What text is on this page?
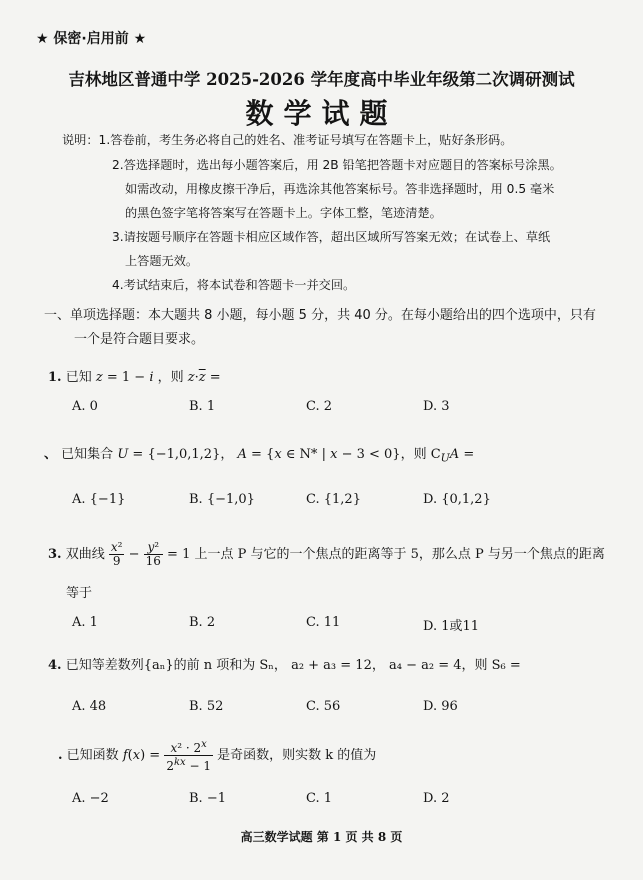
★ 保密·启用前 ★
吉林地区普通中学 2025-2026 学年度高中毕业年级第二次调研测试
数学试题
说明：1.答卷前，考生务必将自己的姓名、准考证号填写在答题卡上，贴好条形码。
2.答选择题时，选出每小题答案后，用 2B 铅笔把答题卡对应题目的答案标号涂黑。
如需改动，用橡皮擦干净后，再选涂其他答案标号。答非选择题时，用 0.5 毫米
的黑色签字笔将答案写在答题卡上。字体工整，笔迹清楚。
3.请按题号顺序在答题卡相应区域作答，超出区域所写答案无效；在试卷上、草纸
上答题无效。
4.考试结束后，将本试卷和答题卡一并交回。
一、单项选择题：本大题共 8 小题，每小题 5 分，共 40 分。在每小题给出的四个选项中，只有
一个是符合题目要求。
1. 已知 z = 1 − i ，则 $z\cdot\overline{z}$ =
A. 0	B. 1	C. 2	D. 3
、 已知集合 U = {−1,0,1,2}， A = {x ∈ N* | x − 3 < 0}，则 $C_UA$ =
A. {−1}	B. {−1,0}	C. {1,2}	D. {0,1,2}
3. 双曲线 $\frac{\text{x²}}{9} - \frac{\text{y²}}{16} = 1$ 上一点 P 与它的一个焦点的距离等于 5，那么点 P 与另一个焦点的距离
等于
A. 1	B. 2	C. 11	D. 1或11
4. 已知等差数列{aₙ}的前 n 项和为 Sₙ， a₂ + a₃ = 12， a₄ − a₂ = 4，则 S₆ =
A. 48	B. 52	C. 56	D. 96
. 已知函数 $f(x) = \frac{x^2 \cdot 2^x}{2^{kx} - 1}$ 是奇函数，则实数 k 的值为
A. −2	B. −1	C. 1	D. 2
高三数学试题 第 1 页 共 8 页
